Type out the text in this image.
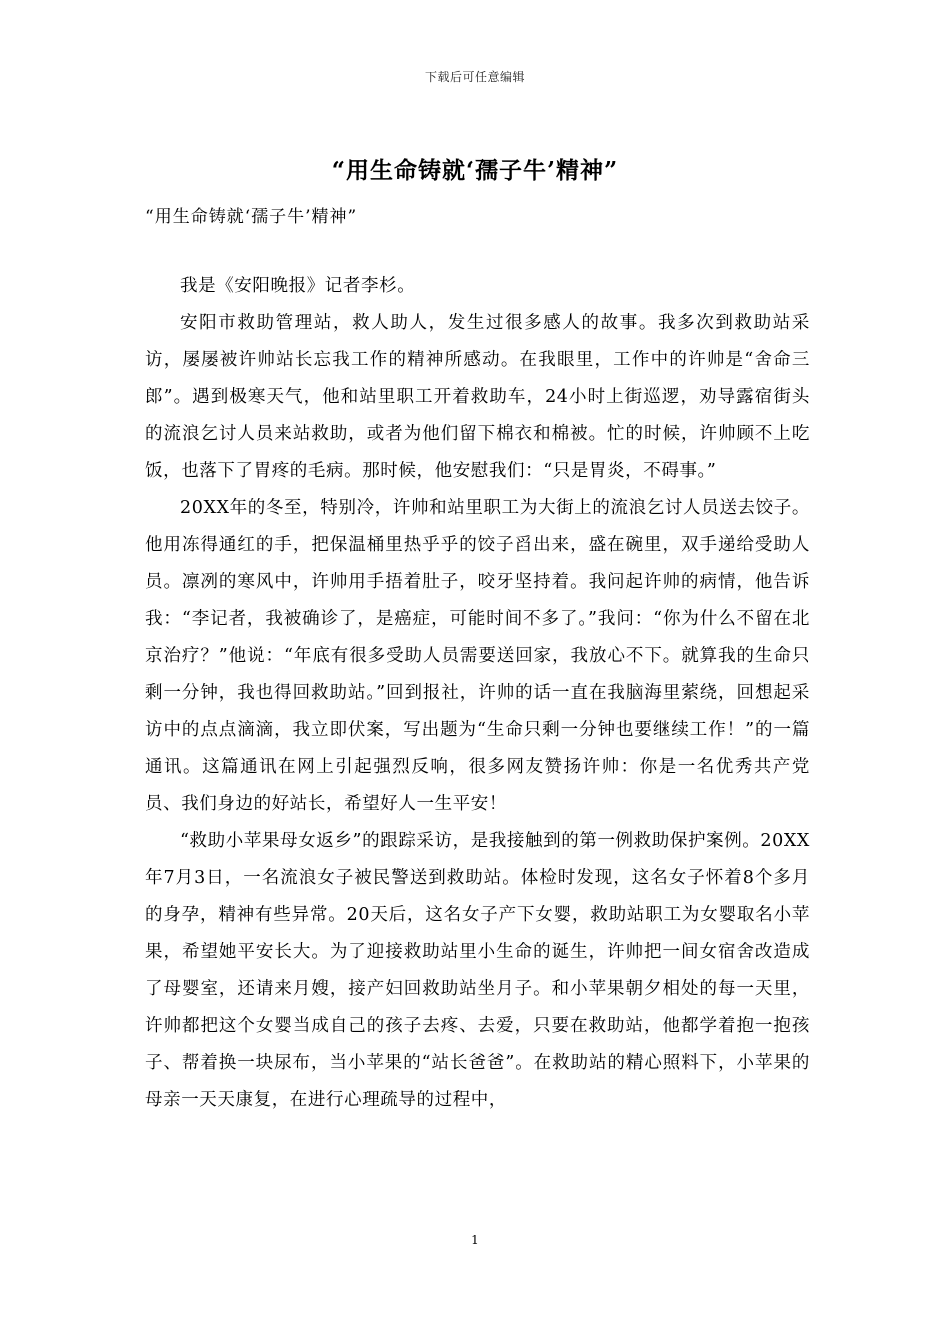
下载后可任意编辑
“用生命铸就‘孺子牛’精神”
“用生命铸就‘孺子牛’精神”

我是《安阳晚报》记者李杉。

安阳市救助管理站，救人助人，发生过很多感人的故事。我多次到救助站采访，屡屡被许帅站长忘我工作的精神所感动。在我眼里，工作中的许帅是“舍命三郎”。遇到极寒天气，他和站里职工开着救助车，24小时上街巡逻，劝导露宿街头的流浪乞讨人员来站救助，或者为他们留下棉衣和棉被。忙的时候，许帅顾不上吃饭，也落下了胃疼的毛病。那时候，他安慰我们：“只是胃炎，不碍事。”

20XX年的冬至，特别冷，许帅和站里职工为大街上的流浪乞讨人员送去饺子。他用冻得通红的手，把保温桶里热乎乎的饺子舀出来，盛在碗里，双手递给受助人员。凛冽的寒风中，许帅用手捂着肚子，咬牙坚持着。我问起许帅的病情，他告诉我：“李记者，我被确诊了，是癌症，可能时间不多了。”我问：“你为什么不留在北京治疗？”他说：“年底有很多受助人员需要送回家，我放心不下。就算我的生命只剩一分钟，我也得回救助站。”回到报社，许帅的话一直在我脑海里萦绕，回想起采访中的点点滴滴，我立即伏案，写出题为“生命只剩一分钟也要继续工作！”的一篇通讯。这篇通讯在网上引起强烈反响，很多网友赞扬许帅：你是一名优秀共产党员、我们身边的好站长，希望好人一生平安！

“救助小苹果母女返乡”的跟踪采访，是我接触到的第一例救助保护案例。20XX年7月3日，一名流浪女子被民警送到救助站。体检时发现，这名女子怀着8个多月的身孕，精神有些异常。20天后，这名女子产下女婴，救助站职工为女婴取名小苹果，希望她平安长大。为了迎接救助站里小生命的诞生，许帅把一间女宿舍改造成了母婴室，还请来月嫂，接产妇回救助站坐月子。和小苹果朝夕相处的每一天里，许帅都把这个女婴当成自己的孩子去疼、去爱，只要在救助站，他都学着抱一抱孩子、帮着换一块尿布，当小苹果的“站长爸爸”。在救助站的精心照料下，小苹果的母亲一天天康复，在进行心理疏导的过程中，

1
